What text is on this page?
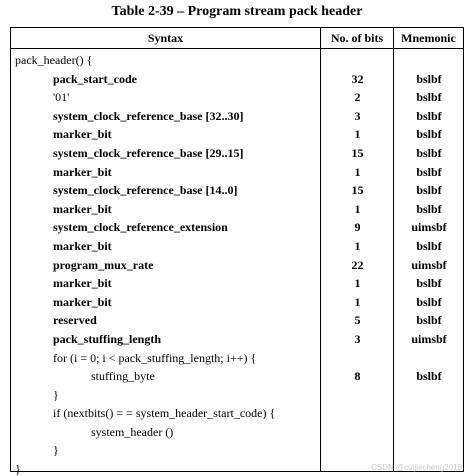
Table 2-39 – Program stream pack header
Syntax	No. of bits	Mnemonic
pack_header() {
pack_start_code	32	bslbf
'01'	2	bslbf
system_clock_reference_base [32..30]	3	bslbf
marker_bit	1	bslbf
system_clock_reference_base [29..15]	15	bslbf
marker_bit	1	bslbf
system_clock_reference_base [14..0]	15	bslbf
marker_bit	1	bslbf
system_clock_reference_extension	9	uimsbf
marker_bit	1	bslbf
program_mux_rate	22	uimsbf
marker_bit	1	bslbf
marker_bit	1	bslbf
reserved	5	bslbf
pack_stuffing_length	3	uimsbf
for (i = 0; i < pack_stuffing_length; i++) {
stuffing_byte	8	bslbf
}
if (nextbits() = = system_header_start_code) {
system_header ()
}
}	CSDN @cuijiecheng2018
